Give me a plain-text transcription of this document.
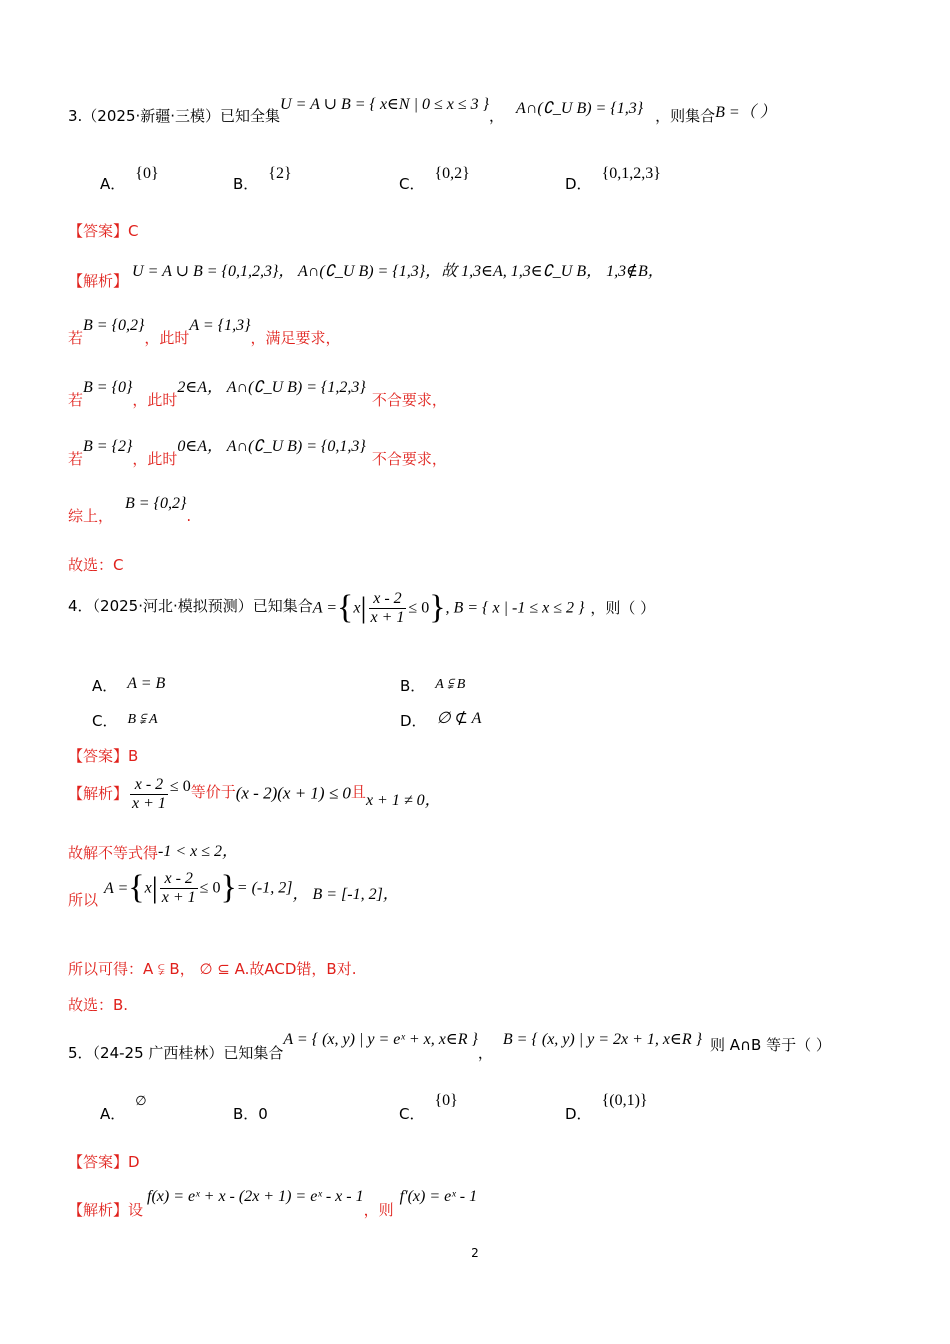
3.（2025·新疆·三模）已知全集U = A ∪ B = { x∈N | 0 ≤ x ≤ 3 }， A∩(∁_U B) = {1,3} ，则集合B =（ ）
A．{0}
B．{2}
C．{0,2}
D．{0,1,2,3}
【答案】C
【解析】U = A ∪ B = {0,1,2,3}， A∩(∁_U B) = {1,3}，故 1,3∈A, 1,3∈∁_U B， 1,3∉B，
若B = {0,2}，此时A = {1,3}，满足要求，
若B = {0}，此时2∈A， A∩(∁_U B) = {1,2,3}不合要求，
若B = {2}，此时0∈A， A∩(∁_U B) = {0,1,3}不合要求，
综上，B = {0,2}.
故选：C
4．（2025·河北·模拟预测）已知集合$A =\{x| \frac{x - 2}{x + 1} \le 0\}$, B = { x | -1 ≤ x ≤ 2 } ，则（ ）
A． A = B	B． A ⫋ B
C． B ⫋ A	D． ∅ ⊄ A
【答案】B
【解析】 $\frac{x - 2}{x + 1} \le 0$等价于(x - 2)(x + 1) ≤ 0且x + 1 ≠ 0，
故解不等式得-1 < x ≤ 2，
所以$A =\{x| \frac{x - 2}{x + 1} \le 0\}= (-1$, 2]， B = [-1, 2]，
所以可得：A ⫋ B， ∅ ⊆ A.故ACD错，B对.
故选：B.
5．（24-25 广西桂林）已知集合A = { (x, y) | y = eˣ + x, x∈R }，B = { (x, y) | y = 2x + 1, x∈R } 则 A∩B 等于（ ）
A．∅
B．0	C．{0}
D．{(0,1)}
【答案】D
【解析】设f(x) = eˣ + x - (2x + 1) = eˣ - x - 1，则f′(x) = eˣ - 1
2
